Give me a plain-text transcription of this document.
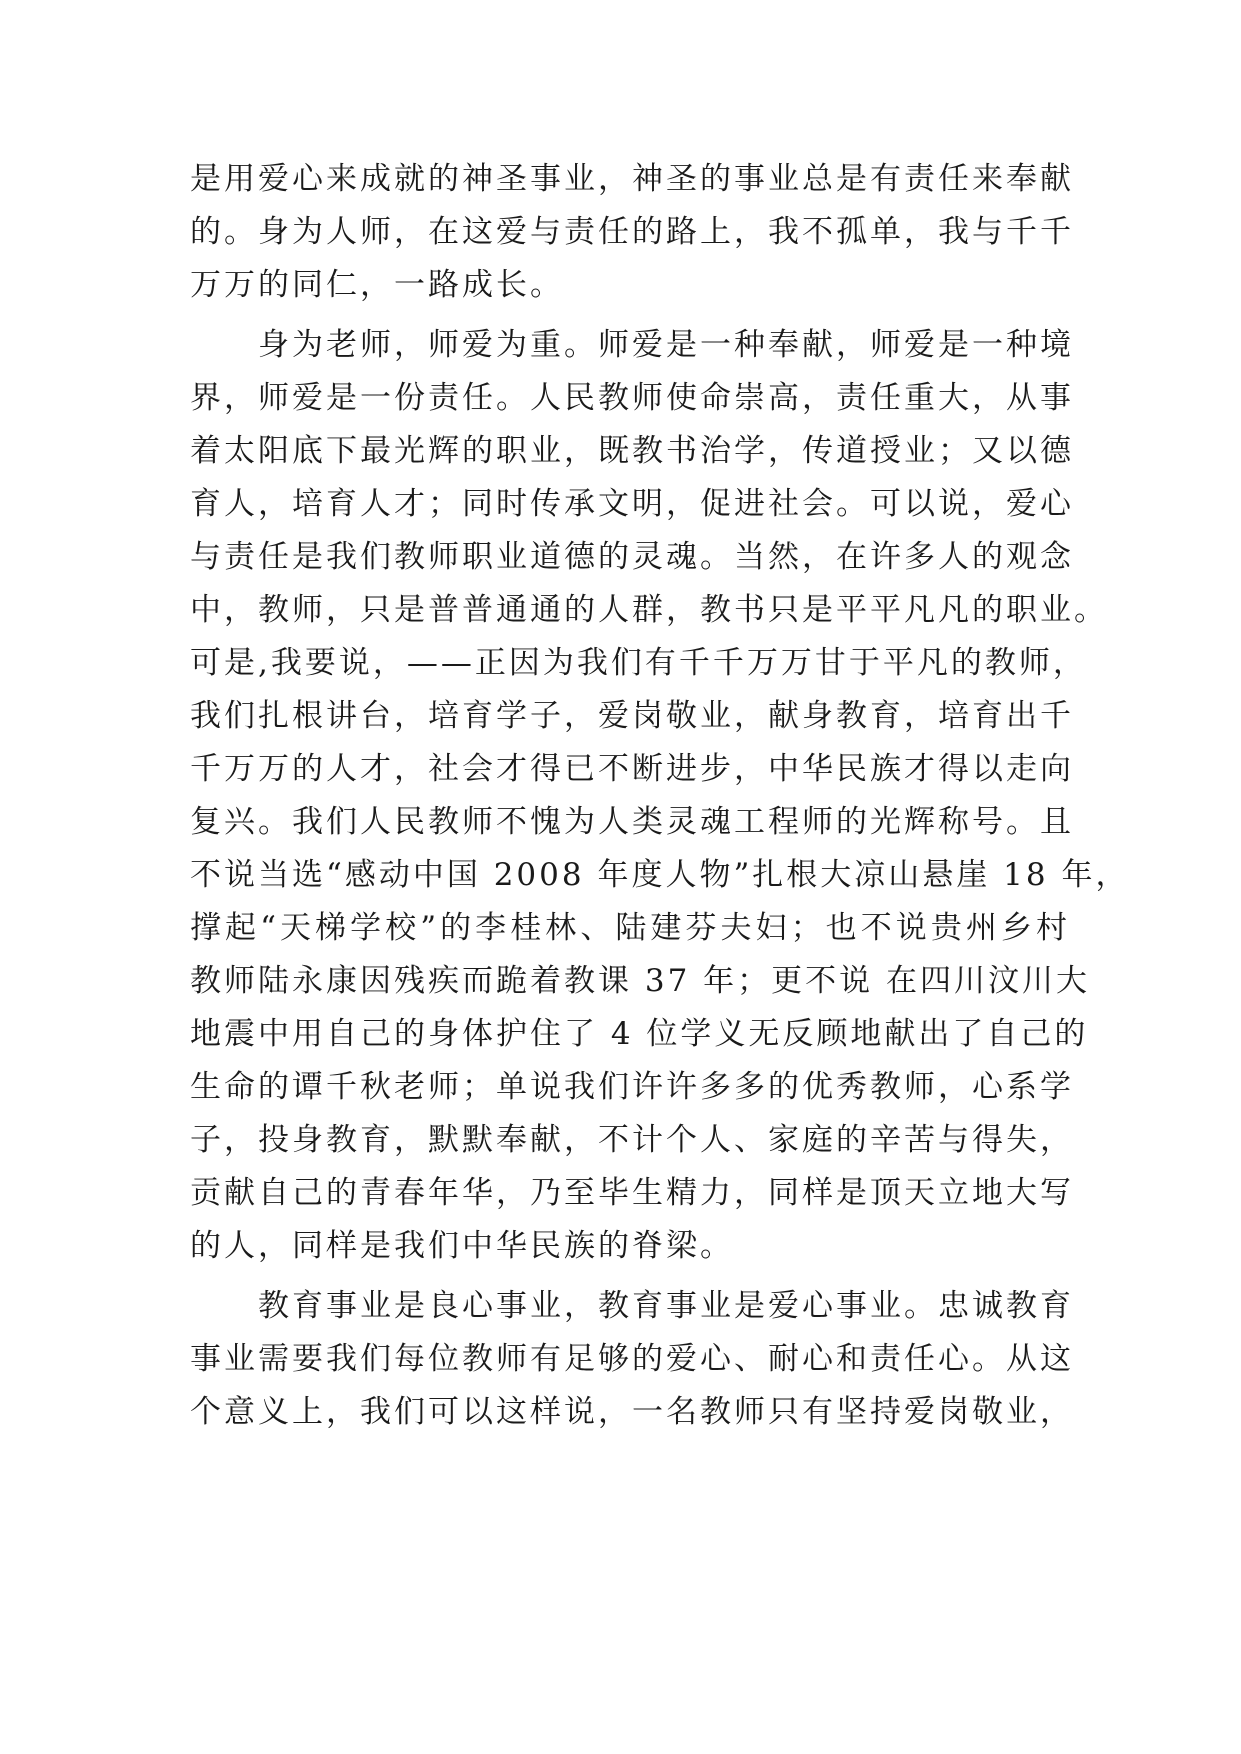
是用爱心来成就的神圣事业，神圣的事业总是有责任来奉献
的。身为人师，在这爱与责任的路上，我不孤单，我与千千
万万的同仁，一路成长。
身为老师，师爱为重。师爱是一种奉献，师爱是一种境
界，师爱是一份责任。人民教师使命崇高，责任重大，从事
着太阳底下最光辉的职业，既教书治学，传道授业；又以德
育人，培育人才；同时传承文明，促进社会。可以说，爱心
与责任是我们教师职业道德的灵魂。当然，在许多人的观念
中，教师，只是普普通通的人群，教书只是平平凡凡的职业。
可是,我要说，——正因为我们有千千万万甘于平凡的教师，
我们扎根讲台，培育学子，爱岗敬业，献身教育，培育出千
千万万的人才，社会才得已不断进步，中华民族才得以走向
复兴。我们人民教师不愧为人类灵魂工程师的光辉称号。且
不说当选“感动中国 2008 年度人物”扎根大凉山悬崖 18 年，
撑起“天梯学校”的李桂林、陆建芬夫妇；也不说贵州乡村
教师陆永康因残疾而跪着教课 37 年；更不说 在四川汶川大
地震中用自己的身体护住了 4 位学义无反顾地献出了自己的
生命的谭千秋老师；单说我们许许多多的优秀教师，心系学
子，投身教育，默默奉献，不计个人、家庭的辛苦与得失，
贡献自己的青春年华，乃至毕生精力，同样是顶天立地大写
的人，同样是我们中华民族的脊梁。
教育事业是良心事业，教育事业是爱心事业。忠诚教育
事业需要我们每位教师有足够的爱心、耐心和责任心。从这
个意义上，我们可以这样说，一名教师只有坚持爱岗敬业，
